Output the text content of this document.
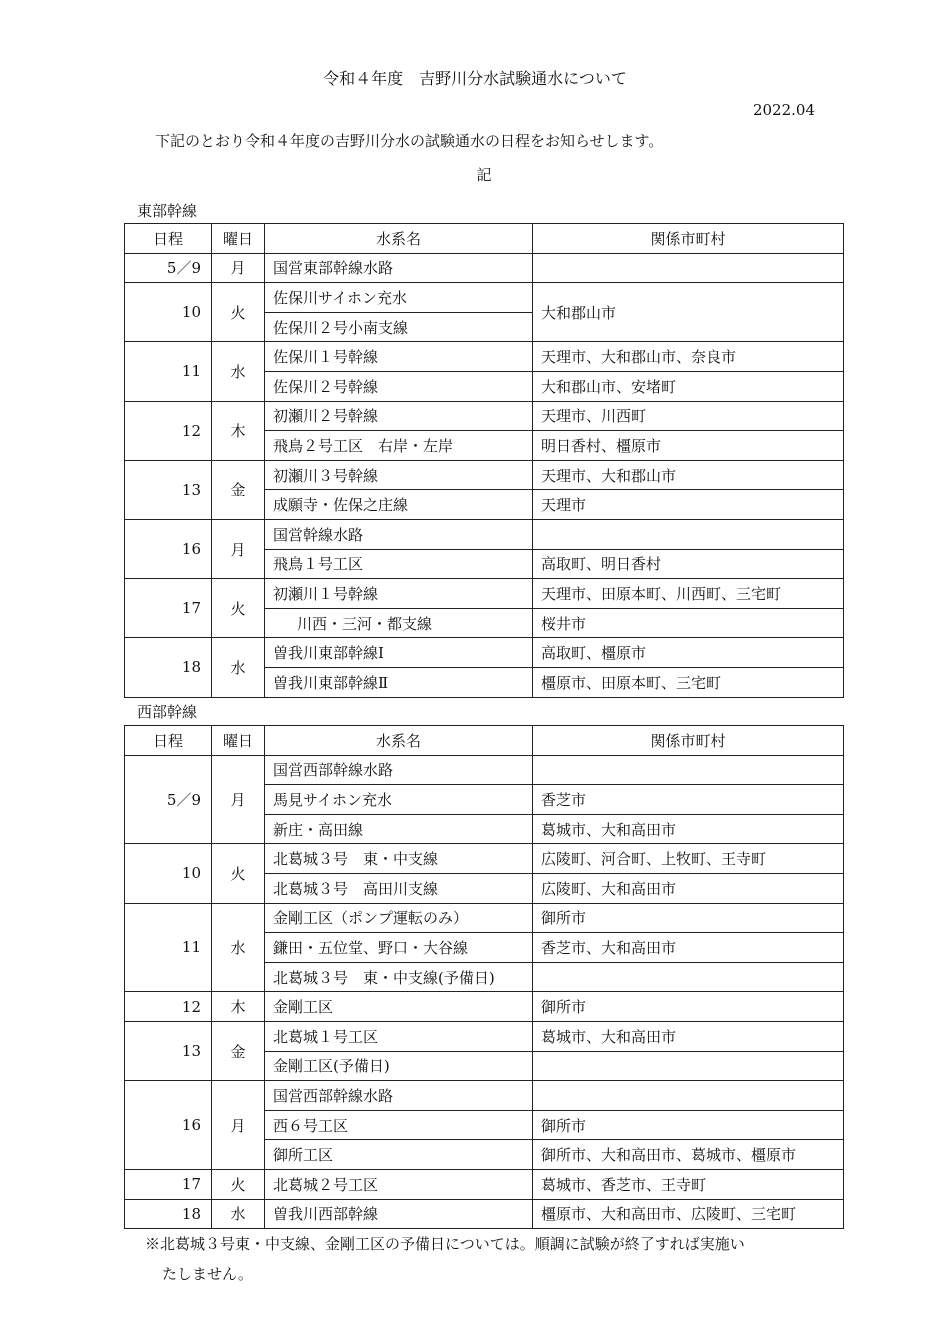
令和４年度　吉野川分水試験通水について
2022.04
下記のとおり令和４年度の吉野川分水の試験通水の日程をお知らせします。
記
東部幹線
日程	曜日	水系名	関係市町村
5／9	月	国営東部幹線水路	
10	火	佐保川サイホン充水	大和郡山市
		佐保川２号小南支線	
11	水	佐保川１号幹線	天理市、大和郡山市、奈良市
		佐保川２号幹線	大和郡山市、安堵町
12	木	初瀬川２号幹線	天理市、川西町
		飛鳥２号工区　右岸・左岸	明日香村、橿原市
13	金	初瀬川３号幹線	天理市、大和郡山市
		成願寺・佐保之庄線	天理市
16	月	国営幹線水路	
		飛鳥１号工区	高取町、明日香村
17	火	初瀬川１号幹線	天理市、田原本町、川西町、三宅町
		川西・三河・都支線	桜井市
18	水	曽我川東部幹線Ⅰ	高取町、橿原市
		曽我川東部幹線Ⅱ	橿原市、田原本町、三宅町
西部幹線
日程	曜日	水系名	関係市町村
5／9	月	国営西部幹線水路	
		馬見サイホン充水	香芝市
		新庄・高田線	葛城市、大和高田市
10	火	北葛城３号　東・中支線	広陵町、河合町、上牧町、王寺町
		北葛城３号　高田川支線	広陵町、大和高田市
11	水	金剛工区（ポンプ運転のみ）	御所市
		鎌田・五位堂、野口・大谷線	香芝市、大和高田市
		北葛城３号　東・中支線(予備日)	
12	木	金剛工区	御所市
13	金	北葛城１号工区	葛城市、大和高田市
		金剛工区(予備日)	
16	月	国営西部幹線水路	
		西６号工区	御所市
		御所工区	御所市、大和高田市、葛城市、橿原市
17	火	北葛城２号工区	葛城市、香芝市、王寺町
18	水	曽我川西部幹線	橿原市、大和高田市、広陵町、三宅町
※北葛城３号東・中支線、金剛工区の予備日については。順調に試験が終了すれば実施い
たしません。
